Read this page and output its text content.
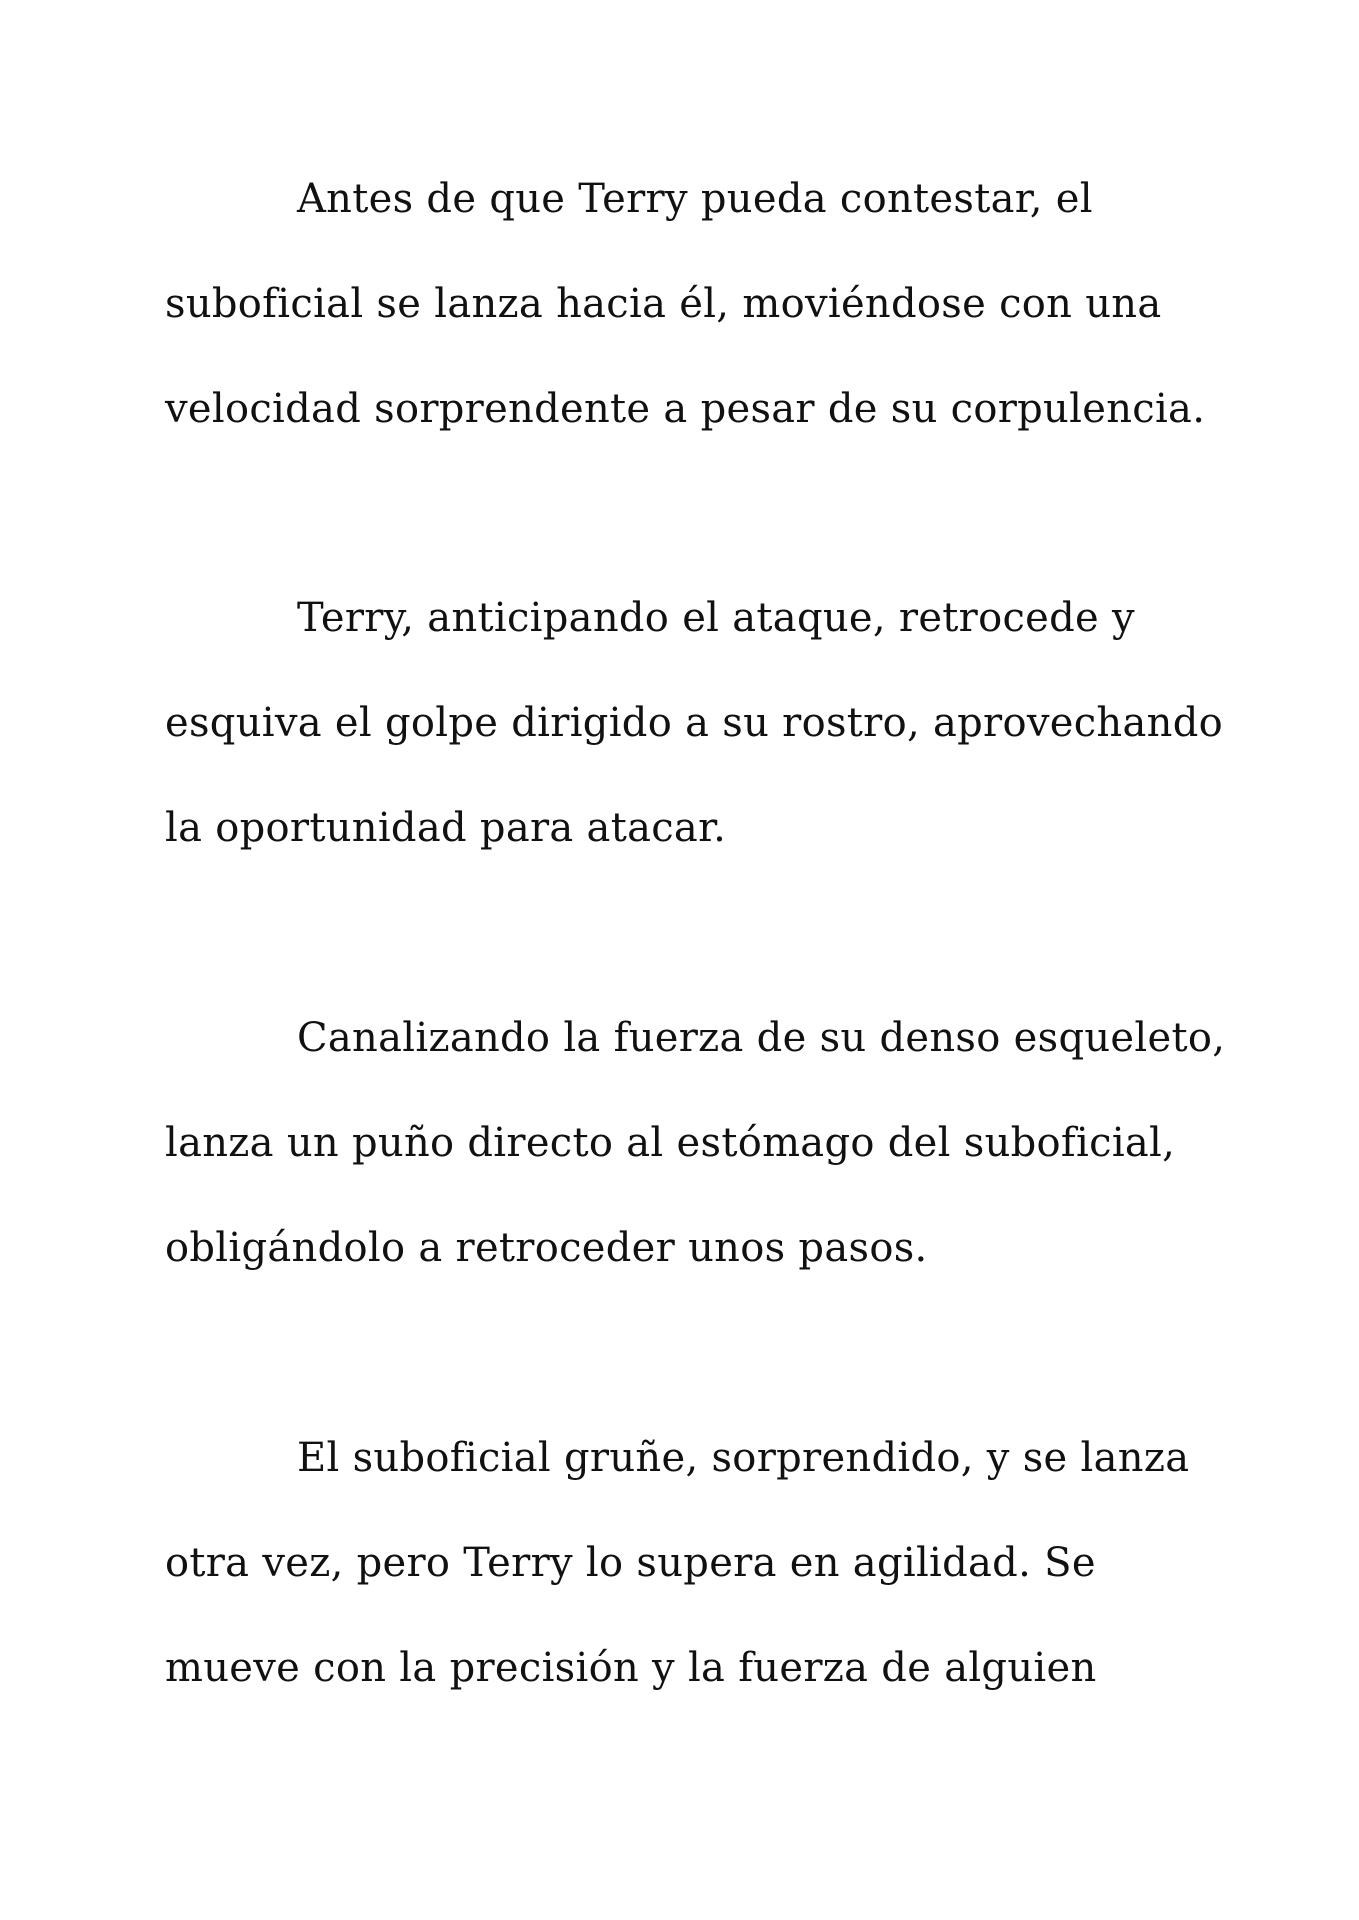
Antes de que Terry pueda contestar, el
suboficial se lanza hacia él, moviéndose con una
velocidad sorprendente a pesar de su corpulencia.
Terry, anticipando el ataque, retrocede y
esquiva el golpe dirigido a su rostro, aprovechando
la oportunidad para atacar.
Canalizando la fuerza de su denso esqueleto,
lanza un puño directo al estómago del suboficial,
obligándolo a retroceder unos pasos.
El suboficial gruñe, sorprendido, y se lanza
otra vez, pero Terry lo supera en agilidad. Se
mueve con la precisión y la fuerza de alguien
